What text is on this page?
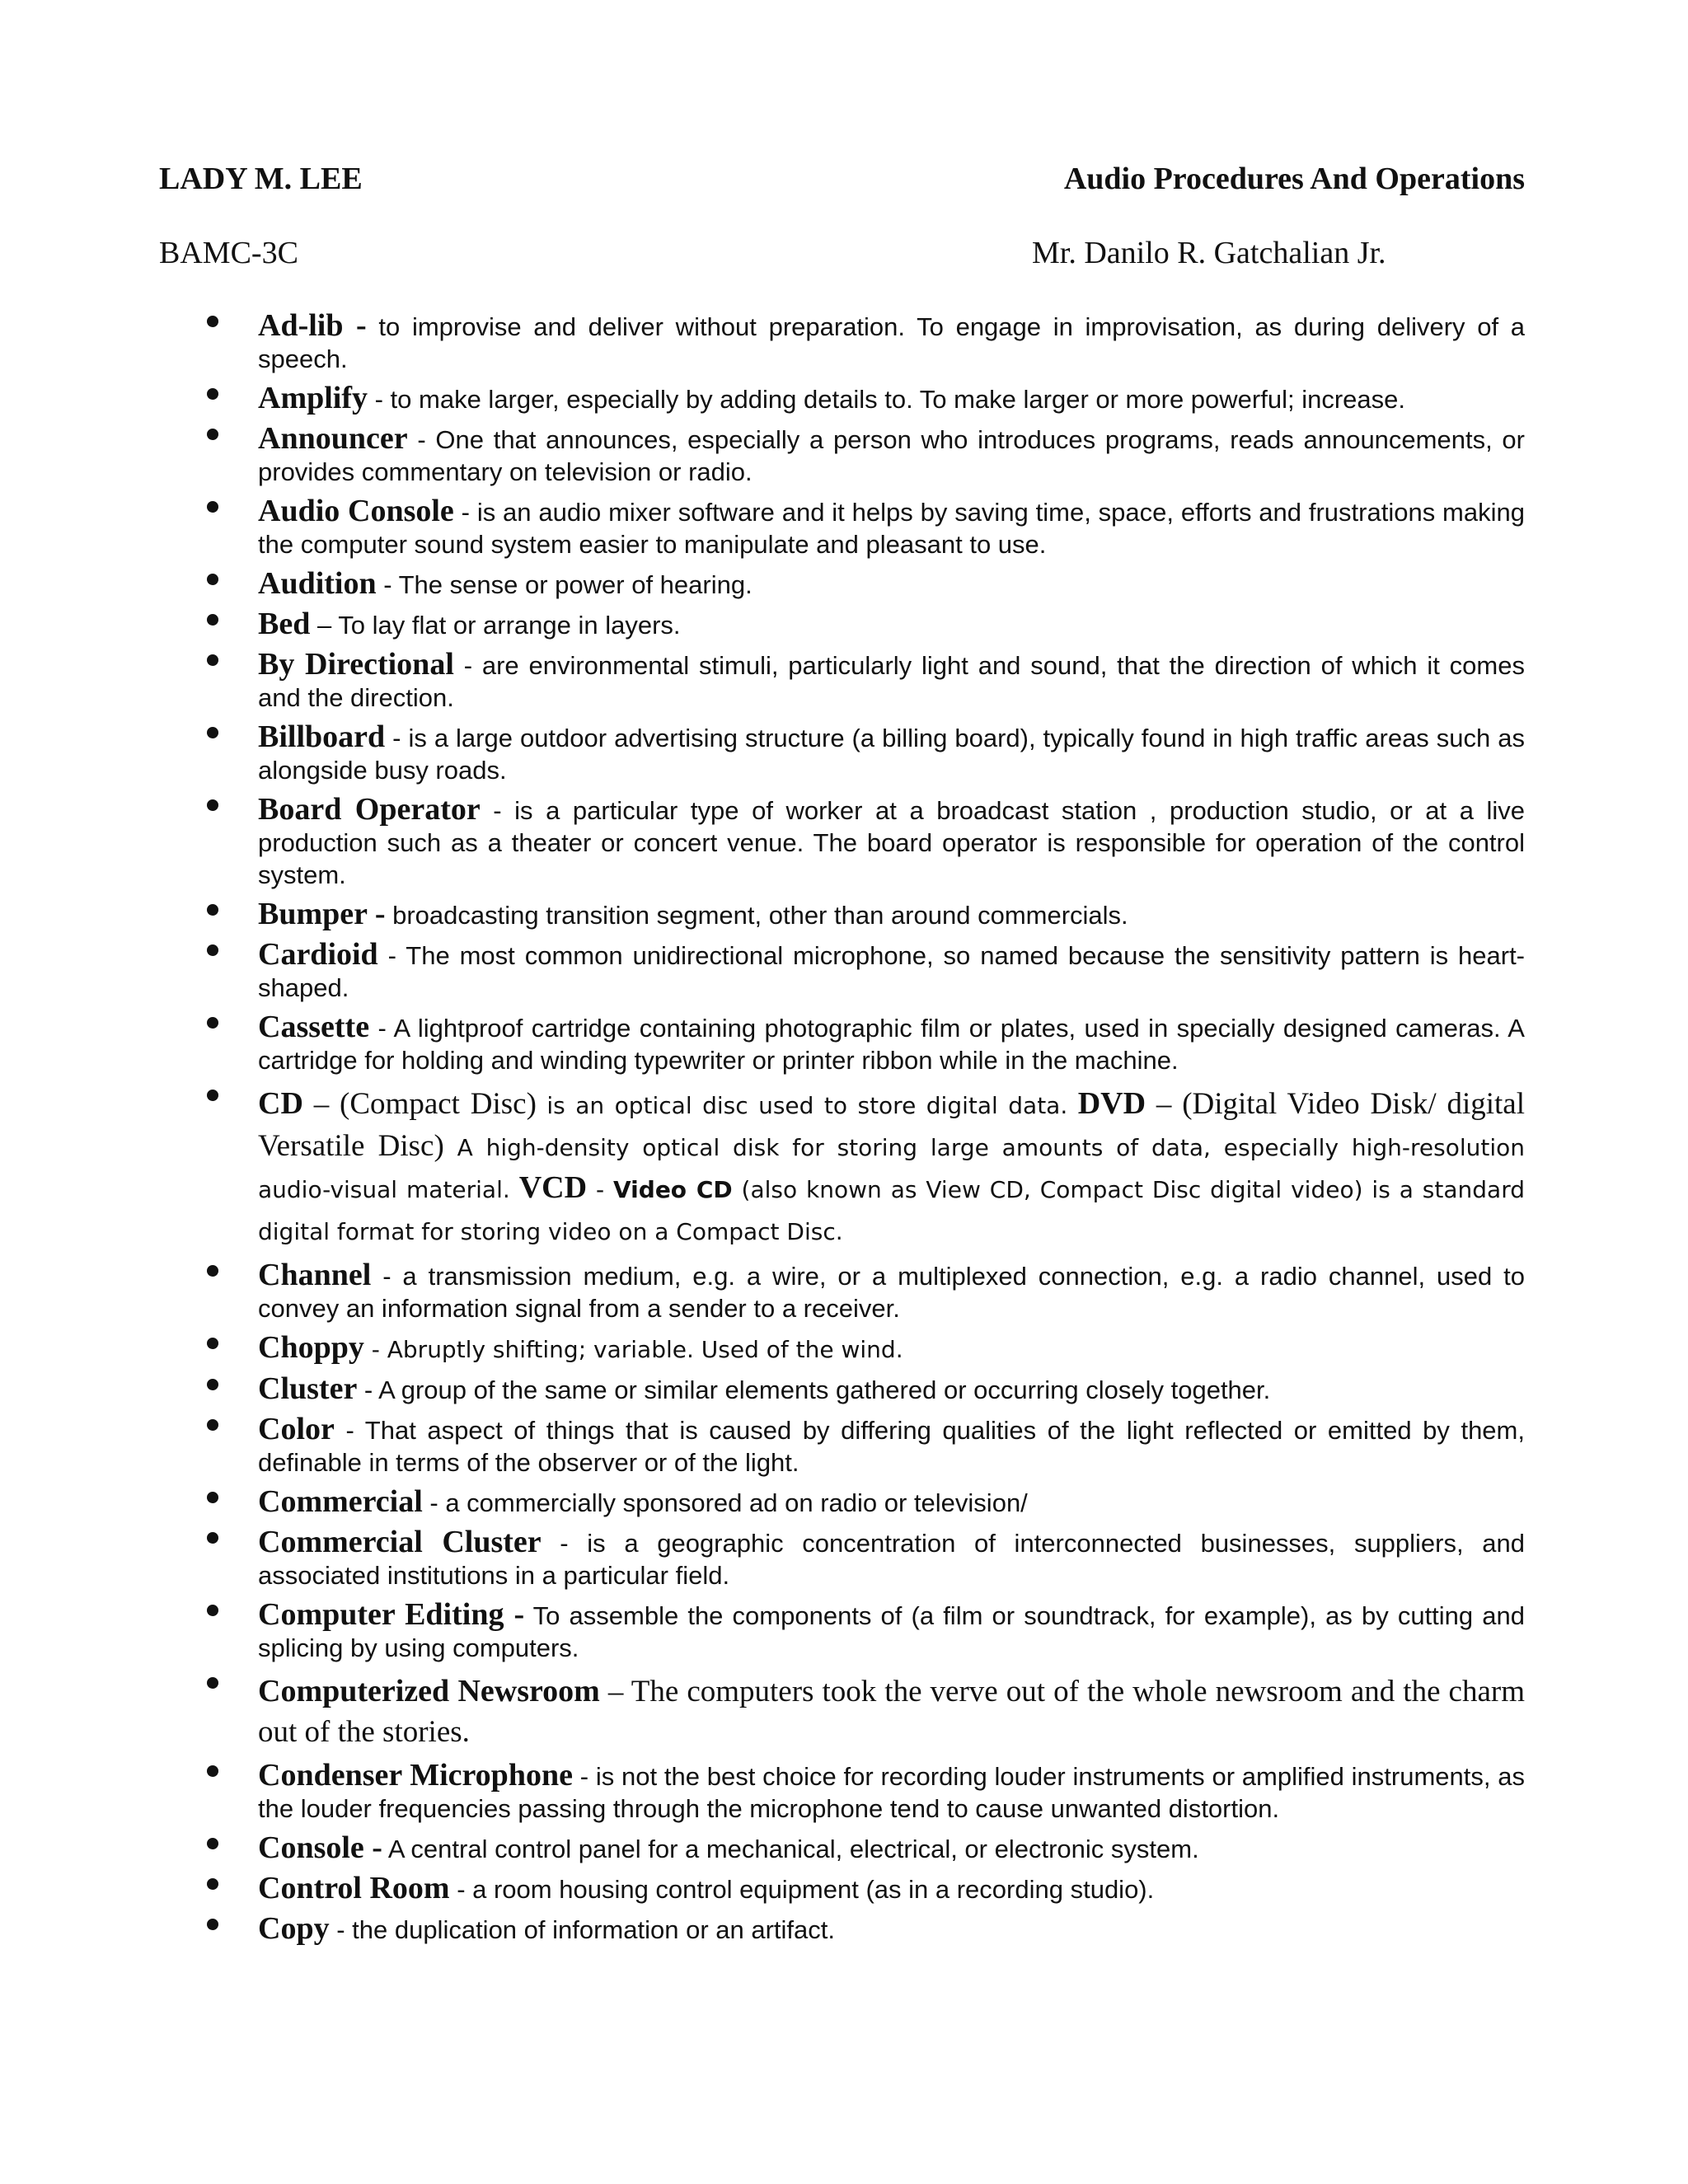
LADY M. LEE	Audio Procedures And Operations
BAMC-3C	Mr. Danilo R. Gatchalian Jr.
Ad-lib - to improvise and deliver without preparation. To engage in improvisation, as during delivery of a speech.
Amplify - to make larger, especially by adding details to. To make larger or more powerful; increase.
Announcer - One that announces, especially a person who introduces programs, reads announcements, or provides commentary on television or radio.
Audio Console - is an audio mixer software and it helps by saving time, space, efforts and frustrations making the computer sound system easier to manipulate and pleasant to use.
Audition - The sense or power of hearing.
Bed – To lay flat or arrange in layers.
By Directional - are environmental stimuli, particularly light and sound, that the direction of which it comes and the direction.
Billboard - is a large outdoor advertising structure (a billing board), typically found in high traffic areas such as alongside busy roads.
Board Operator - is a particular type of worker at a broadcast station , production studio, or at a live production such as a theater or concert venue. The board operator is responsible for operation of the control system.
Bumper - broadcasting transition segment, other than around commercials.
Cardioid - The most common unidirectional microphone, so named because the sensitivity pattern is heart-shaped.
Cassette - A lightproof cartridge containing photographic film or plates, used in specially designed cameras. A cartridge for holding and winding typewriter or printer ribbon while in the machine.
CD – (Compact Disc) is an optical disc used to store digital data. DVD – (Digital Video Disk/ digital Versatile Disc) A high-density optical disk for storing large amounts of data, especially high-resolution audio-visual material. VCD - Video CD (also known as View CD, Compact Disc digital video) is a standard digital format for storing video on a Compact Disc.
Channel - a transmission medium, e.g. a wire, or a multiplexed connection, e.g. a radio channel, used to convey an information signal from a sender to a receiver.
Choppy - Abruptly shifting; variable. Used of the wind.
Cluster - A group of the same or similar elements gathered or occurring closely together.
Color - That aspect of things that is caused by differing qualities of the light reflected or emitted by them, definable in terms of the observer or of the light.
Commercial - a commercially sponsored ad on radio or television/
Commercial Cluster - is a geographic concentration of interconnected businesses, suppliers, and associated institutions in a particular field.
Computer Editing - To assemble the components of (a film or soundtrack, for example), as by cutting and splicing by using computers.
Computerized Newsroom – The computers took the verve out of the whole newsroom and the charm out of the stories.
Condenser Microphone - is not the best choice for recording louder instruments or amplified instruments, as the louder frequencies passing through the microphone tend to cause unwanted distortion.
Console - A central control panel for a mechanical, electrical, or electronic system.
Control Room - a room housing control equipment (as in a recording studio).
Copy - the duplication of information or an artifact.
